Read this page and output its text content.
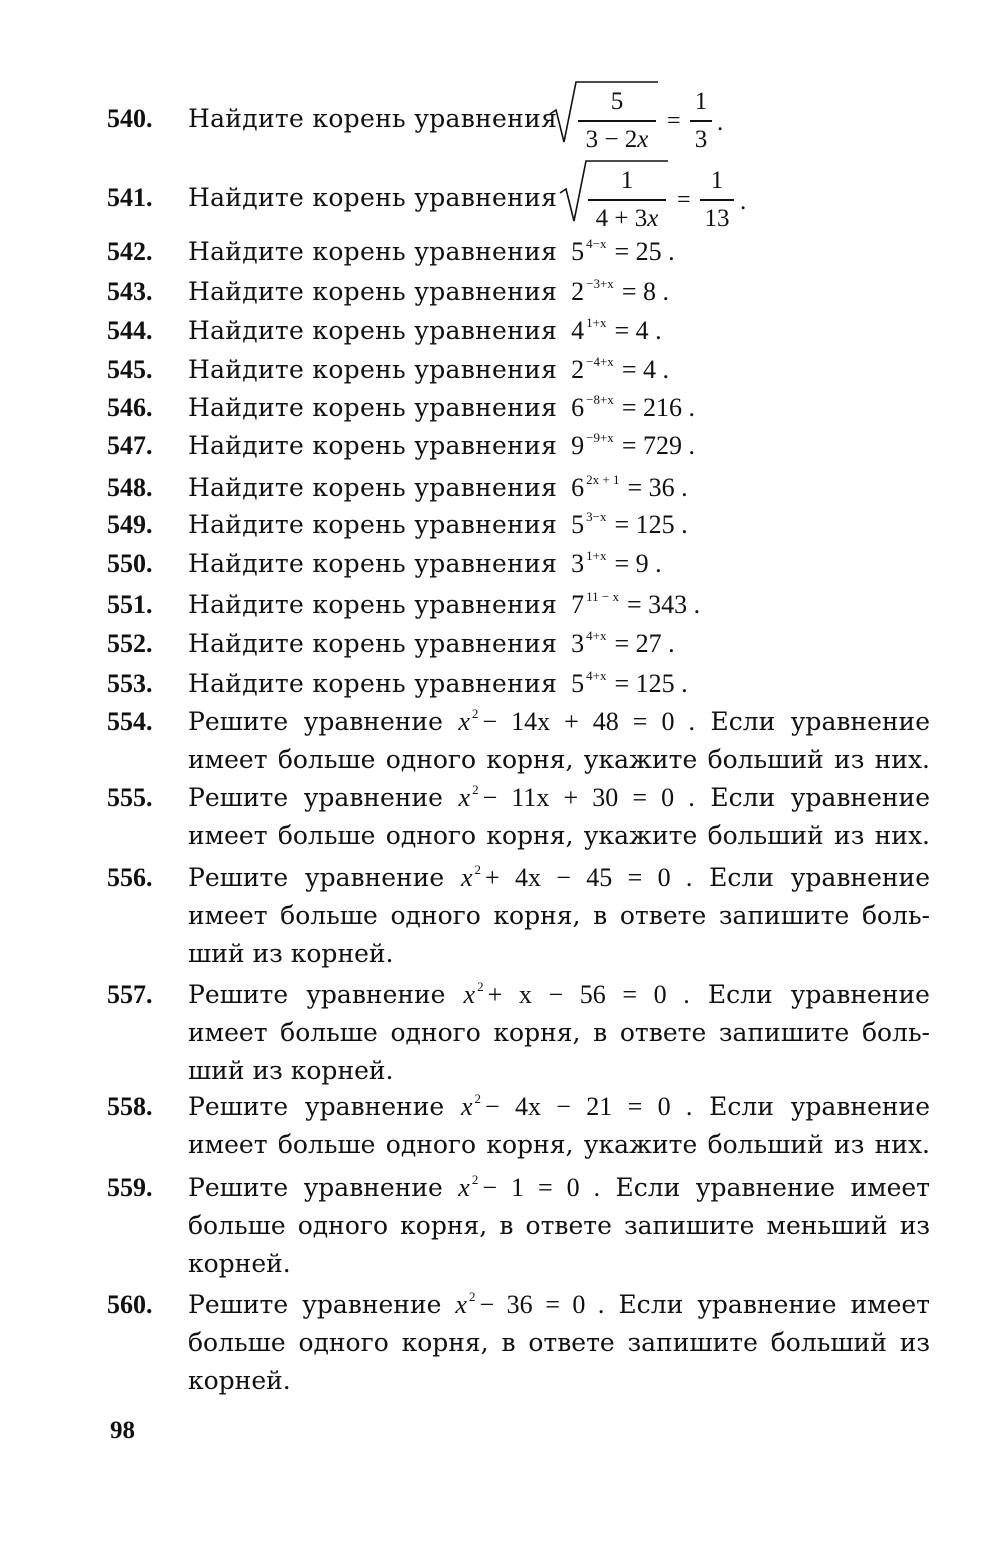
540. Найдите корень уравнения
5
3 − 2x
=
1
3
.
541. Найдите корень уравнения
1
4 + 3x
=
1
13
.
542. Найдите корень уравнения 5 $^{4-x}$ = 25 .
543. Найдите корень уравнения 2 $^{-3+x}$ = 8 .
544. Найдите корень уравнения 4 $^{1+x}$ = 4 .
545. Найдите корень уравнения 2 $^{-4+x}$ = 4 .
546. Найдите корень уравнения 6 $^{-8+x}$ = 216 .
547. Найдите корень уравнения 9 $^{-9+x}$ = 729 .
548. Найдите корень уравнения 6 $^{2x + 1}$ = 36 .
549. Найдите корень уравнения 5 $^{3-x}$ = 125 .
550. Найдите корень уравнения 3 $^{1+x}$ = 9 .
551. Найдите корень уравнения 7 $^{11 - x}$ = 343 .
552. Найдите корень уравнения 3 $^{4+x}$ = 27 .
553. Найдите корень уравнения 5 $^{4+x}$ = 125 .
554. Решите уравнение x $^2$ − 14x + 48 = 0 . Если уравнение
имеет больше одного корня, укажите больший из них.
555. Решите уравнение x $^2$ − 11x + 30 = 0 . Если уравнение
имеет больше одного корня, укажите больший из них.
556. Решите уравнение x $^2$ + 4x − 45 = 0 . Если уравнение
имеет больше одного корня, в ответе запишите боль-
ший из корней.
557. Решите уравнение x $^2$ + x − 56 = 0 . Если уравнение
имеет больше одного корня, в ответе запишите боль-
ший из корней.
558. Решите уравнение x $^2$ − 4x − 21 = 0 . Если уравнение
имеет больше одного корня, укажите больший из них.
559. Решите уравнение x $^2$ − 1 = 0 . Если уравнение имеет
больше одного корня, в ответе запишите меньший из
корней.
560. Решите уравнение x $^2$ − 36 = 0 . Если уравнение имеет
больше одного корня, в ответе запишите больший из
корней.
98
